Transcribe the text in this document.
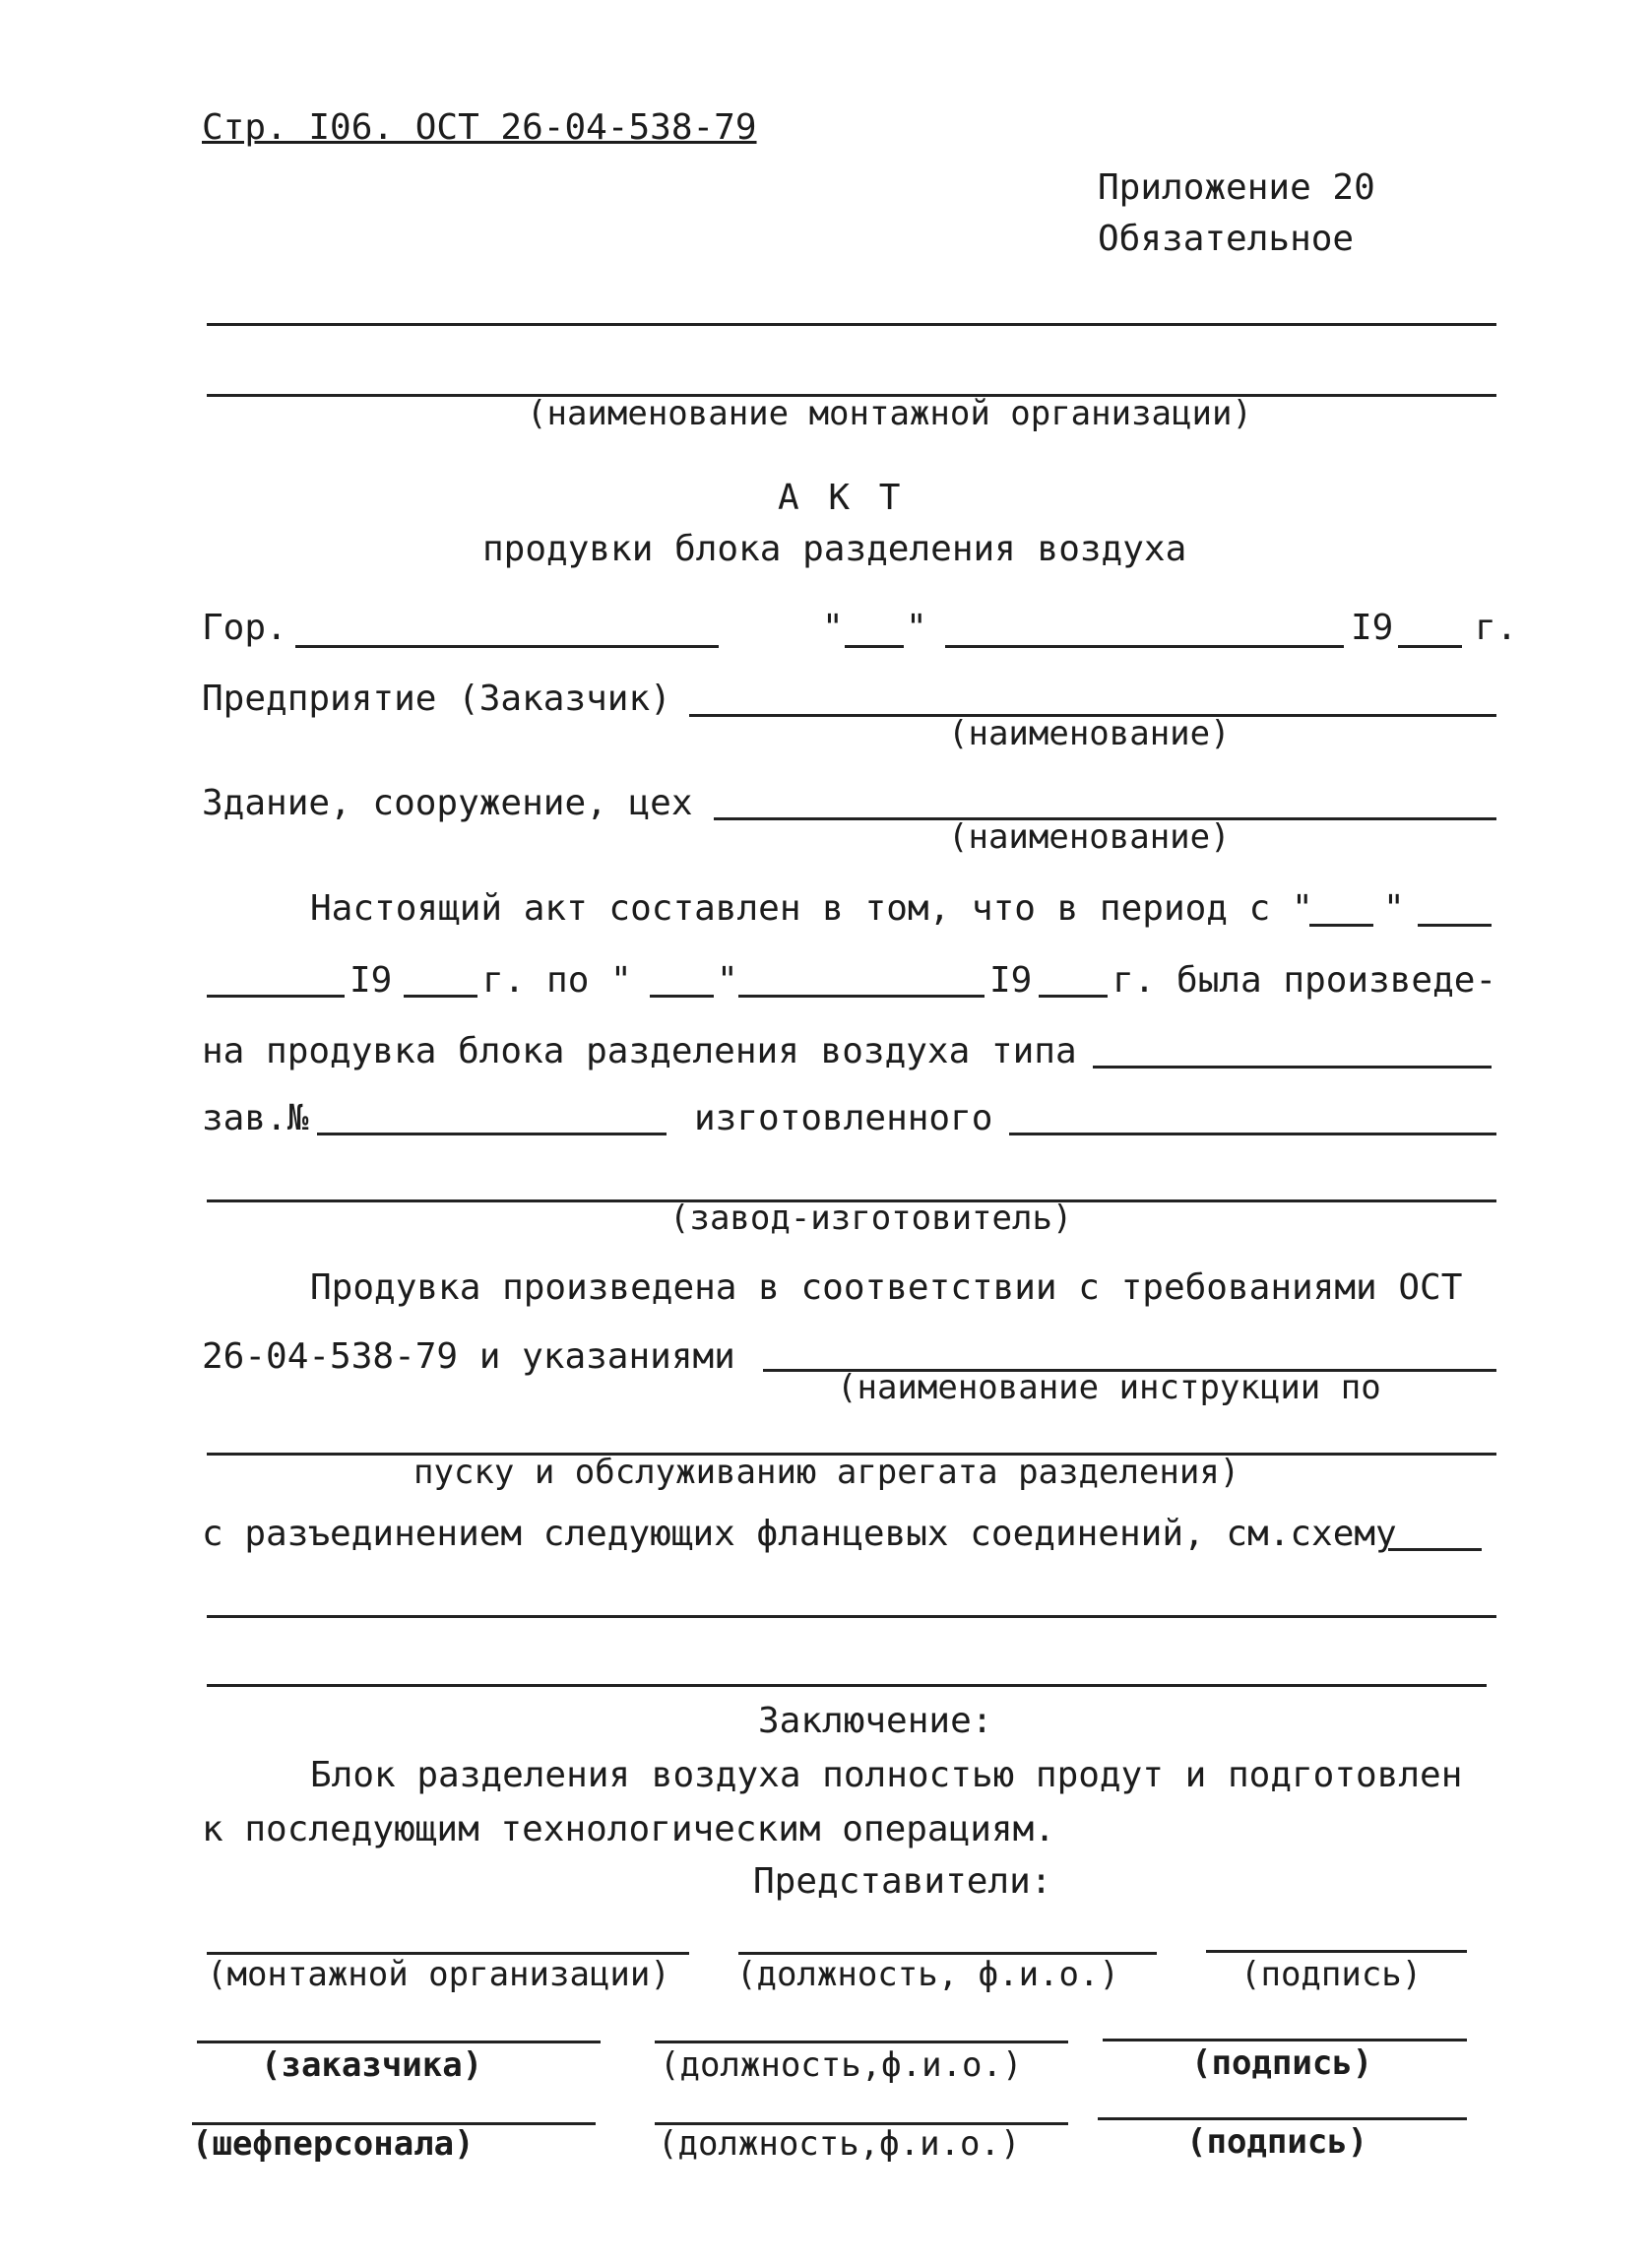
Стр. I06. ОСТ 26-04-538-79
Приложение 20
Обязательное
(наименование монтажной организации)
А К Т
продувки блока разделения воздуха
Гор.	" "	I9 г.
Предприятие (Заказчик)
(наименование)
Здание, сооружение, цех
(наименование)
Настоящий акт составлен в том, что в период с " "
I9	г. по " "	I9 г. была произведе-
на продувка блока разделения воздуха типа
зав.№	изготовленного
(завод-изготовитель)
Продувка произведена в соответствии с требованиями ОСТ
26-04-538-79 и указаниями
(наименование инструкции по
пуску и обслуживанию агрегата разделения)
с разъединением следующих фланцевых соединений, см.схему
Заключение:
Блок разделения воздуха полностью продут и подготовлен
к последующим технологическим операциям.
Представители:
(монтажной организации) (должность, ф.и.о.)	(подпись)
(заказчика)	(должность,ф.и.о.)	(подпись)
(шефперсонала)	(должность,ф.и.о.)	(подпись)
